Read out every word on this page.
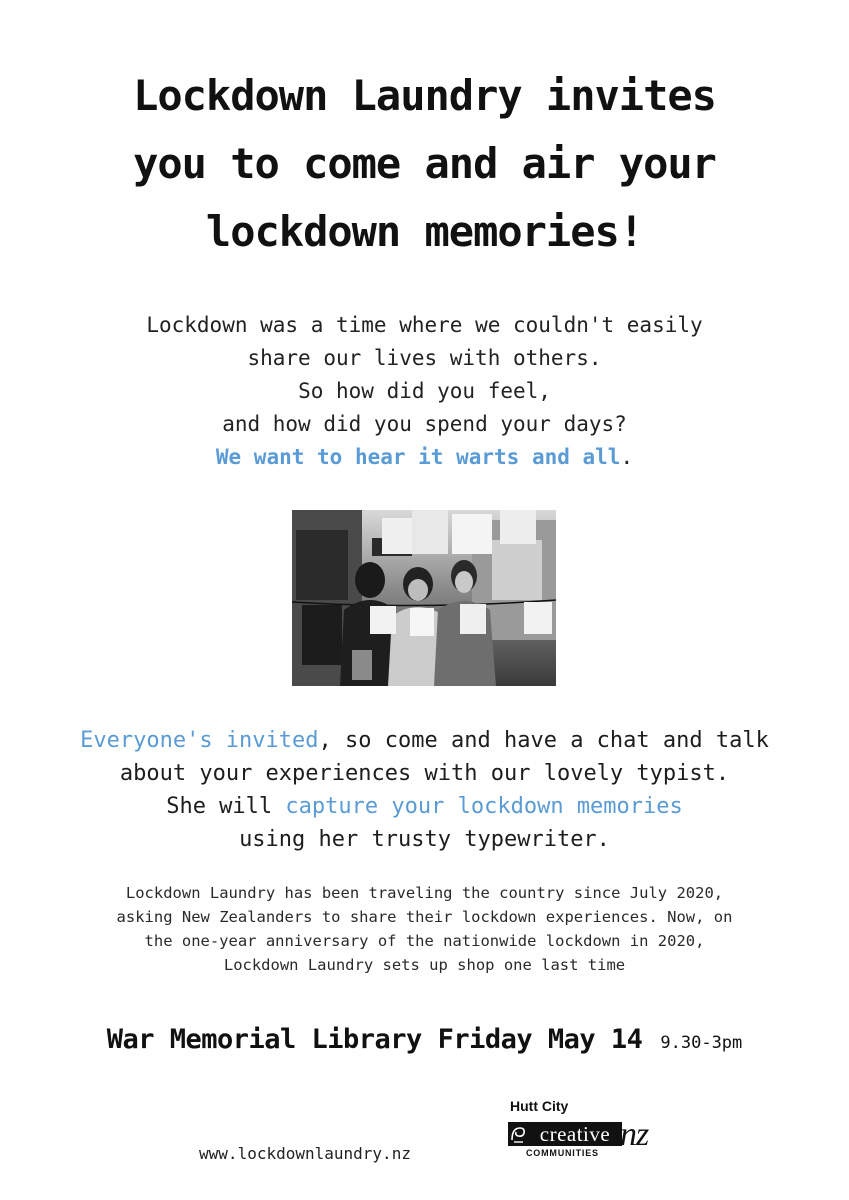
Lockdown Laundry invites
you to come and air your
lockdown memories!
Lockdown was a time where we couldn't easily
share our lives with others.
So how did you feel,
and how did you spend your days?
We want to hear it warts and all.
Everyone's invited, so come and have a chat and talk
about your experiences with our lovely typist.
She will capture your lockdown memories
using her trusty typewriter.
Lockdown Laundry has been traveling the country since July 2020,
asking New Zealanders to share their lockdown experiences. Now, on
the one-year anniversary of the nationwide lockdown in 2020,
Lockdown Laundry sets up shop one last time
War Memorial Library Friday May 14 9.30-3pm
www.lockdownlaundry.nz
Hutt City
creative nz
COMMUNITIES
